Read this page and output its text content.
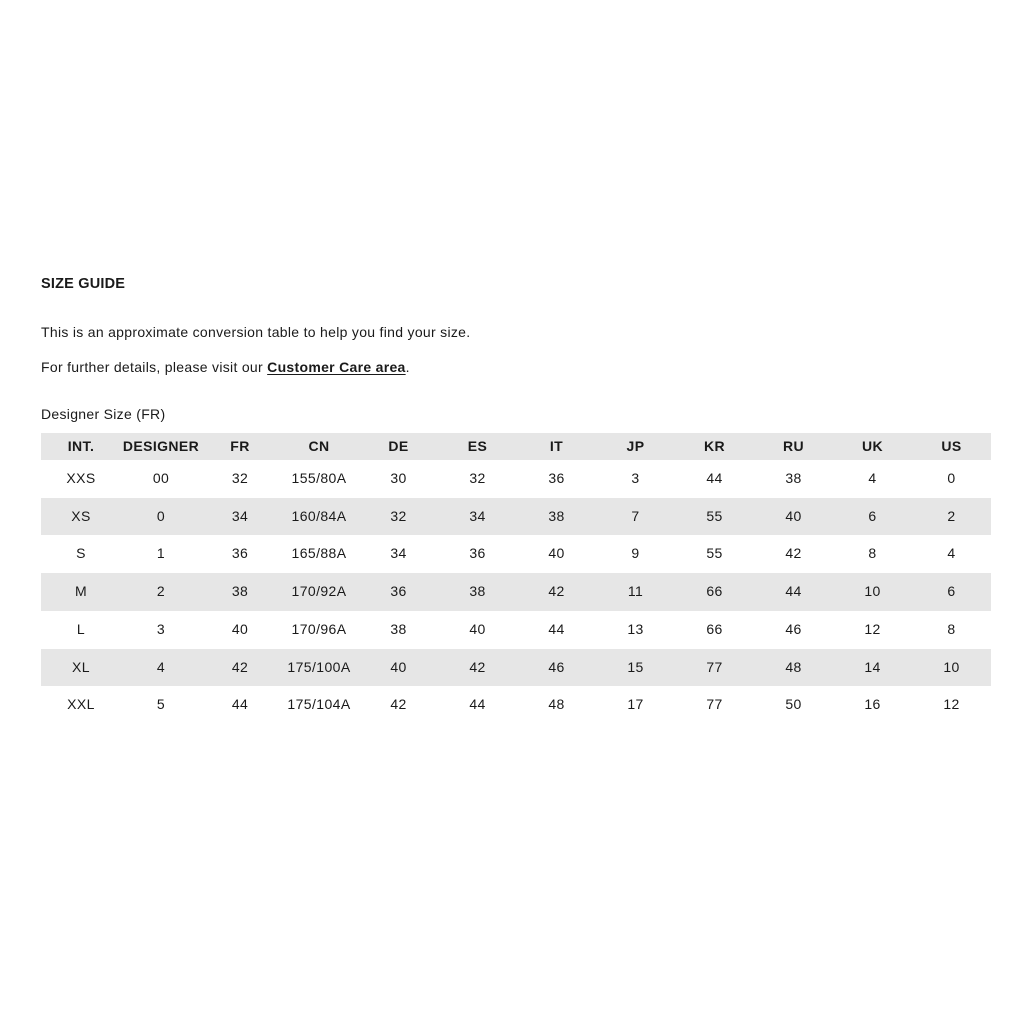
SIZE GUIDE
This is an approximate conversion table to help you find your size.
For further details, please visit our Customer Care area.
Designer Size (FR)
INT.	DESIGNER	FR	CN	DE	ES	IT	JP	KR	RU	UK	US
XXS	00	32	155/80A	30	32	36	3	44	38	4	0
XS	0	34	160/84A	32	34	38	7	55	40	6	2
S	1	36	165/88A	34	36	40	9	55	42	8	4
M	2	38	170/92A	36	38	42	11	66	44	10	6
L	3	40	170/96A	38	40	44	13	66	46	12	8
XL	4	42	175/100A	40	42	46	15	77	48	14	10
XXL	5	44	175/104A	42	44	48	17	77	50	16	12
